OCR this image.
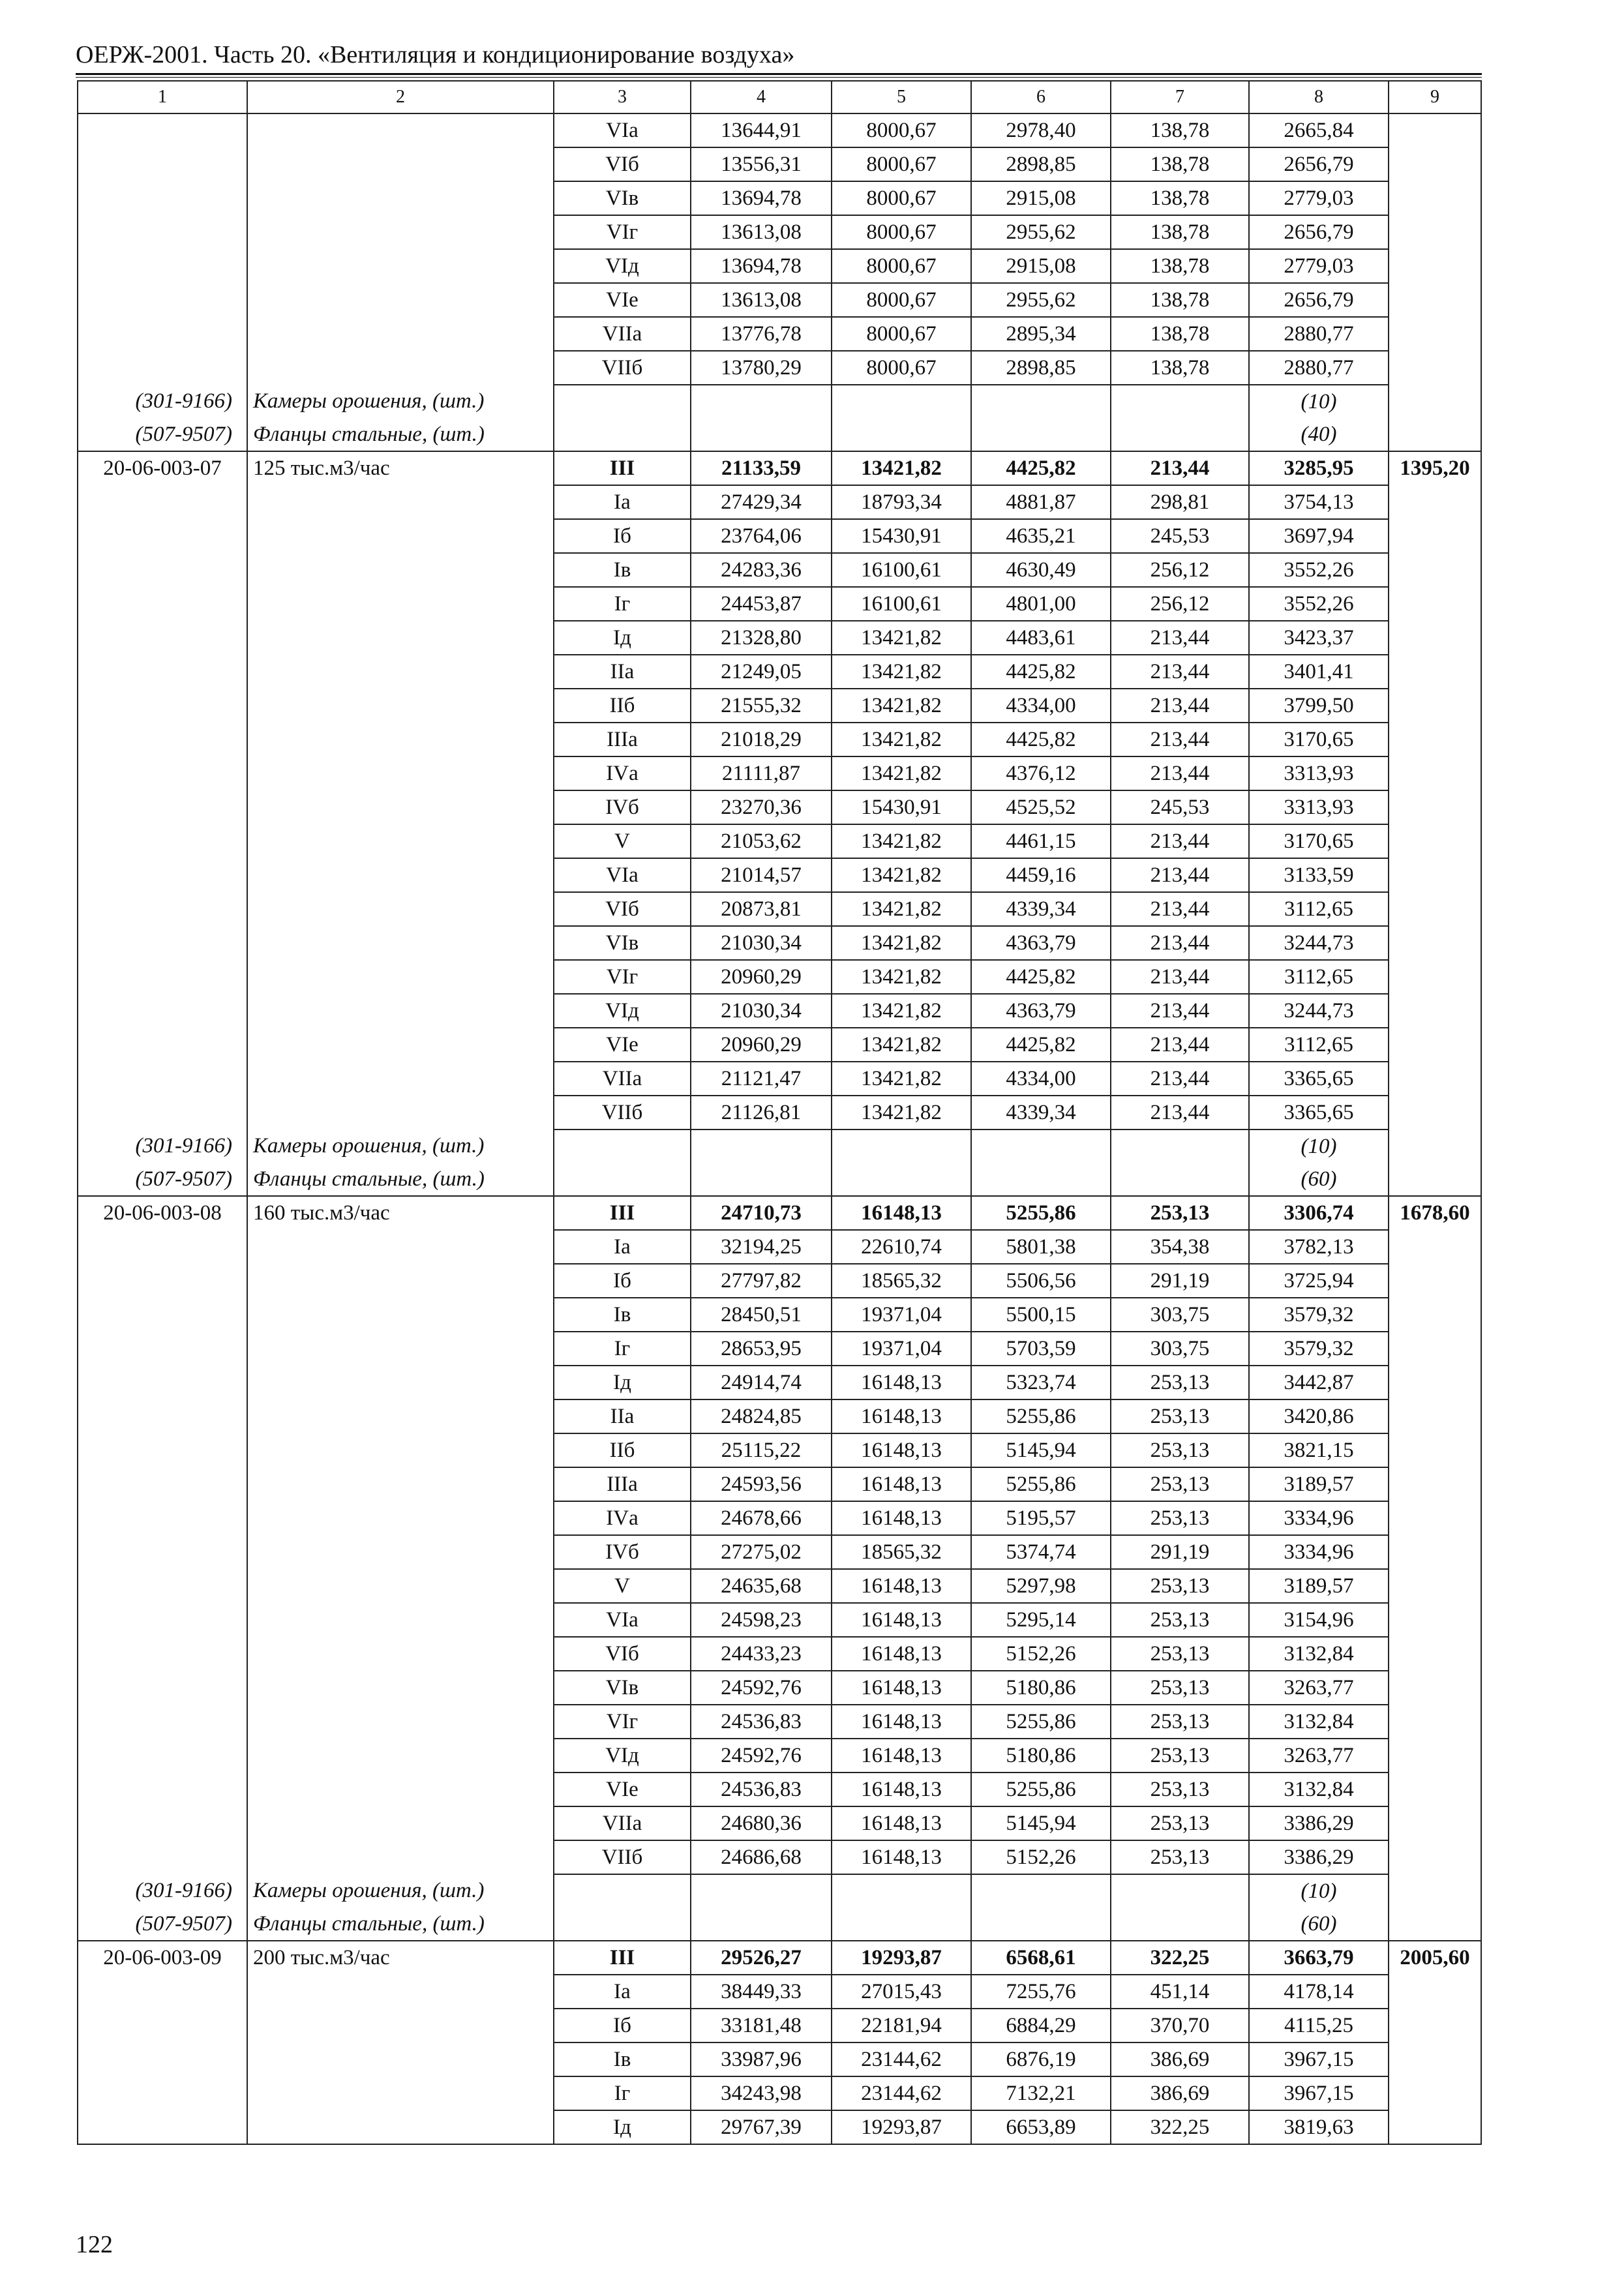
ОЕРЖ-2001. Часть 20. «Вентиляция и кондиционирование воздуха»
1	2	3	4	5	6	7	8	9
		VIа	13644,91	8000,67	2978,40	138,78	2665,84	
		VIб	13556,31	8000,67	2898,85	138,78	2656,79	
		VIв	13694,78	8000,67	2915,08	138,78	2779,03	
		VIг	13613,08	8000,67	2955,62	138,78	2656,79	
		VIд	13694,78	8000,67	2915,08	138,78	2779,03	
		VIе	13613,08	8000,67	2955,62	138,78	2656,79	
		VIIа	13776,78	8000,67	2895,34	138,78	2880,77	
		VIIб	13780,29	8000,67	2898,85	138,78	2880,77	
(301-9166)	Камеры орошения, (шт.)						(10)	
(507-9507)	Фланцы стальные, (шт.)						(40)	
20-06-003-07	125 тыс.м3/час	III	21133,59	13421,82	4425,82	213,44	3285,95	1395,20
		Iа	27429,34	18793,34	4881,87	298,81	3754,13	
		Iб	23764,06	15430,91	4635,21	245,53	3697,94	
		Iв	24283,36	16100,61	4630,49	256,12	3552,26	
		Iг	24453,87	16100,61	4801,00	256,12	3552,26	
		Iд	21328,80	13421,82	4483,61	213,44	3423,37	
		IIа	21249,05	13421,82	4425,82	213,44	3401,41	
		IIб	21555,32	13421,82	4334,00	213,44	3799,50	
		IIIа	21018,29	13421,82	4425,82	213,44	3170,65	
		IVа	21111,87	13421,82	4376,12	213,44	3313,93	
		IVб	23270,36	15430,91	4525,52	245,53	3313,93	
		V	21053,62	13421,82	4461,15	213,44	3170,65	
		VIа	21014,57	13421,82	4459,16	213,44	3133,59	
		VIб	20873,81	13421,82	4339,34	213,44	3112,65	
		VIв	21030,34	13421,82	4363,79	213,44	3244,73	
		VIг	20960,29	13421,82	4425,82	213,44	3112,65	
		VIд	21030,34	13421,82	4363,79	213,44	3244,73	
		VIе	20960,29	13421,82	4425,82	213,44	3112,65	
		VIIа	21121,47	13421,82	4334,00	213,44	3365,65	
		VIIб	21126,81	13421,82	4339,34	213,44	3365,65	
(301-9166)	Камеры орошения, (шт.)						(10)	
(507-9507)	Фланцы стальные, (шт.)						(60)	
20-06-003-08	160 тыс.м3/час	III	24710,73	16148,13	5255,86	253,13	3306,74	1678,60
		Iа	32194,25	22610,74	5801,38	354,38	3782,13	
		Iб	27797,82	18565,32	5506,56	291,19	3725,94	
		Iв	28450,51	19371,04	5500,15	303,75	3579,32	
		Iг	28653,95	19371,04	5703,59	303,75	3579,32	
		Iд	24914,74	16148,13	5323,74	253,13	3442,87	
		IIа	24824,85	16148,13	5255,86	253,13	3420,86	
		IIб	25115,22	16148,13	5145,94	253,13	3821,15	
		IIIа	24593,56	16148,13	5255,86	253,13	3189,57	
		IVа	24678,66	16148,13	5195,57	253,13	3334,96	
		IVб	27275,02	18565,32	5374,74	291,19	3334,96	
		V	24635,68	16148,13	5297,98	253,13	3189,57	
		VIа	24598,23	16148,13	5295,14	253,13	3154,96	
		VIб	24433,23	16148,13	5152,26	253,13	3132,84	
		VIв	24592,76	16148,13	5180,86	253,13	3263,77	
		VIг	24536,83	16148,13	5255,86	253,13	3132,84	
		VIд	24592,76	16148,13	5180,86	253,13	3263,77	
		VIе	24536,83	16148,13	5255,86	253,13	3132,84	
		VIIа	24680,36	16148,13	5145,94	253,13	3386,29	
		VIIб	24686,68	16148,13	5152,26	253,13	3386,29	
(301-9166)	Камеры орошения, (шт.)						(10)	
(507-9507)	Фланцы стальные, (шт.)						(60)	
20-06-003-09	200 тыс.м3/час	III	29526,27	19293,87	6568,61	322,25	3663,79	2005,60
		Iа	38449,33	27015,43	7255,76	451,14	4178,14	
		Iб	33181,48	22181,94	6884,29	370,70	4115,25	
		Iв	33987,96	23144,62	6876,19	386,69	3967,15	
		Iг	34243,98	23144,62	7132,21	386,69	3967,15	
		Iд	29767,39	19293,87	6653,89	322,25	3819,63	
122
